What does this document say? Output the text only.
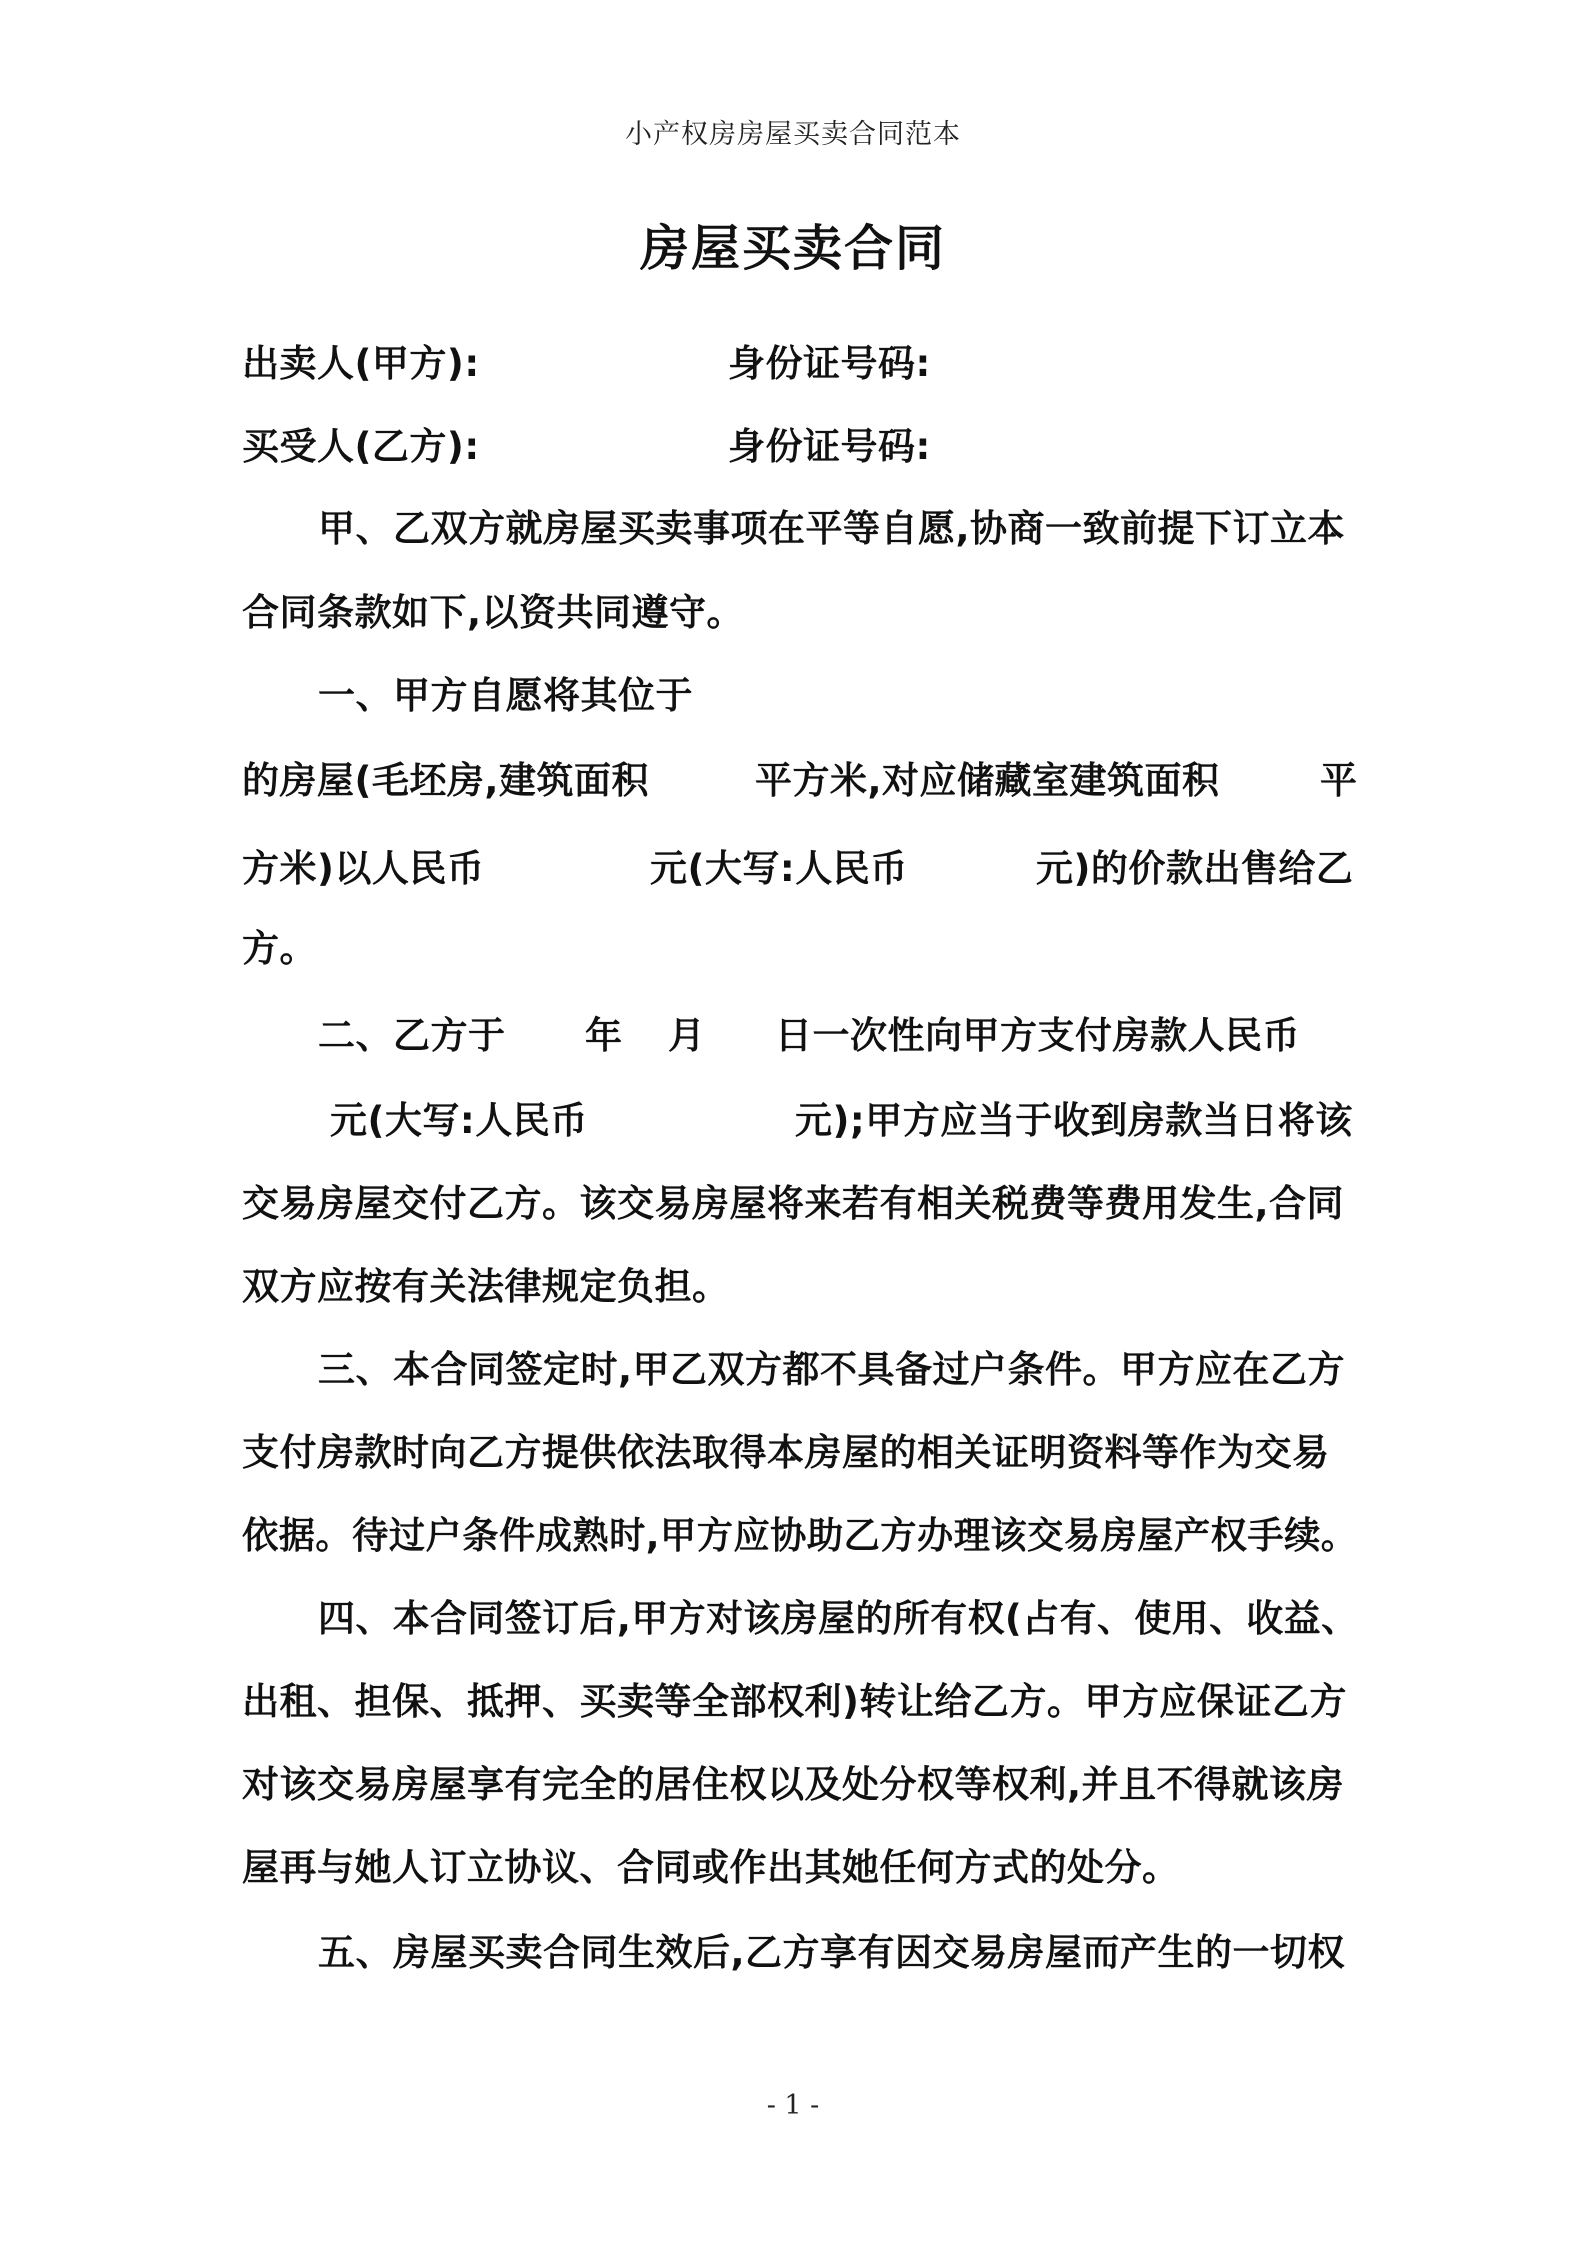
小产权房房屋买卖合同范本
房屋买卖合同
出卖人(甲方):	身份证号码:
买受人(乙方):	身份证号码:
甲、乙双方就房屋买卖事项在平等自愿,协商一致前提下订立本
合同条款如下,以资共同遵守。
一、甲方自愿将其位于
的房屋(毛坯房,建筑面积	平方米,对应储藏室建筑面积	平
方米)以人民币	元(大写:人民币	元)的价款出售给乙
方。
二、乙方于 年 月 日一次性向甲方支付房款人民币
元(大写:人民币	元);甲方应当于收到房款当日将该
交易房屋交付乙方。该交易房屋将来若有相关税费等费用发生,合同
双方应按有关法律规定负担。
三、本合同签定时,甲乙双方都不具备过户条件。甲方应在乙方
支付房款时向乙方提供依法取得本房屋的相关证明资料等作为交易
依据。待过户条件成熟时,甲方应协助乙方办理该交易房屋产权手续。
四、本合同签订后,甲方对该房屋的所有权(占有、使用、收益、
出租、担保、抵押、买卖等全部权利)转让给乙方。甲方应保证乙方
对该交易房屋享有完全的居住权以及处分权等权利,并且不得就该房
屋再与她人订立协议、合同或作出其她任何方式的处分。
五、房屋买卖合同生效后,乙方享有因交易房屋而产生的一切权
- 1 -
